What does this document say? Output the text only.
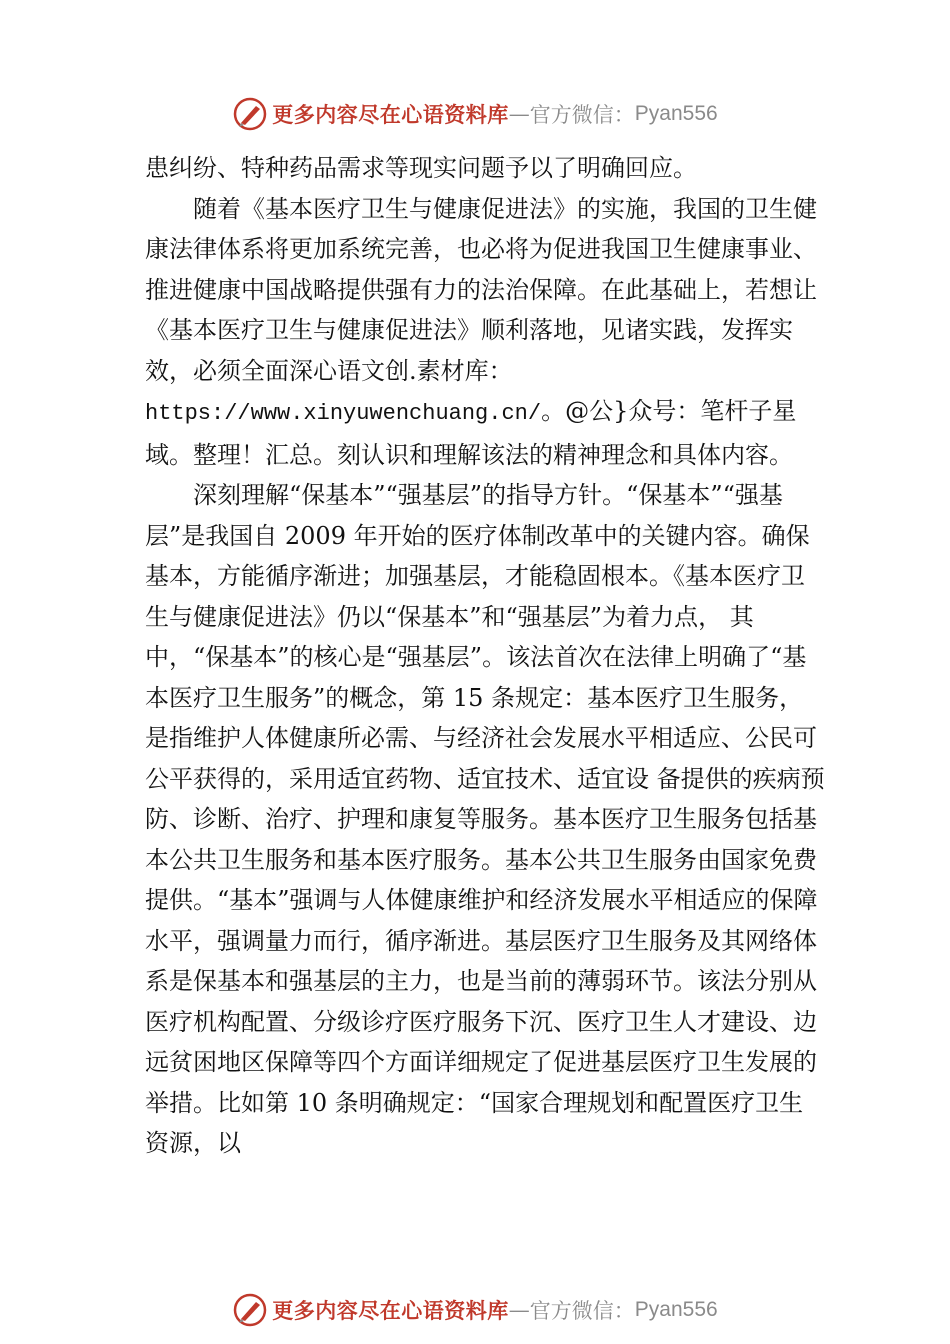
更多内容尽在心语资料库 — 官方微信： Pyan556

患纠纷、特种药品需求等现实问题予以了明确回应。

随着《基本医疗卫生与健康促进法》的实施，我国的卫生健康法律体系将更加系统完善，也必将为促进我国卫生健康事业、推进健康中国战略提供强有力的法治保障。在此基础上，若想让《基本医疗卫生与健康促进法》顺利落地，见诸实践，发挥实效，必须全面深心语文创.素材库：https://www.xinyuwenchuang.cn/。@公}众号：笔杆子星域。整理！汇总。刻认识和理解该法的精神理念和具体内容。

深刻理解“保基本”“强基层”的指导方针。“保基本”“强基层”是我国自 2009 年开始的医疗体制改革中的关键内容。确保基本，方能循序渐进；加强基层，才能稳固根本。《基本医疗卫生与健康促进法》仍以“保基本”和“强基层”为着力点， 其中，“保基本”的核心是“强基层”。该法首次在法律上明确了“基本医疗卫生服务”的概念，第 15 条规定：基本医疗卫生服务，是指维护人体健康所必需、与经济社会发展水平相适应、公民可公平获得的，采用适宜药物、适宜技术、适宜设 备提供的疾病预防、诊断、治疗、护理和康复等服务。基本医疗卫生服务包括基本公共卫生服务和基本医疗服务。基本公共卫生服务由国家免费提供。“基本”强调与人体健康维护和经济发展水平相适应的保障水平，强调量力而行，循序渐进。基层医疗卫生服务及其网络体系是保基本和强基层的主力，也是当前的薄弱环节。该法分别从医疗机构配置、分级诊疗医疗服务下沉、医疗卫生人才建设、边远贫困地区保障等四个方面详细规定了促进基层医疗卫生发展的举措。比如第 10 条明确规定：“国家合理规划和配置医疗卫生资源，以

更多内容尽在心语资料库 — 官方微信： Pyan556
